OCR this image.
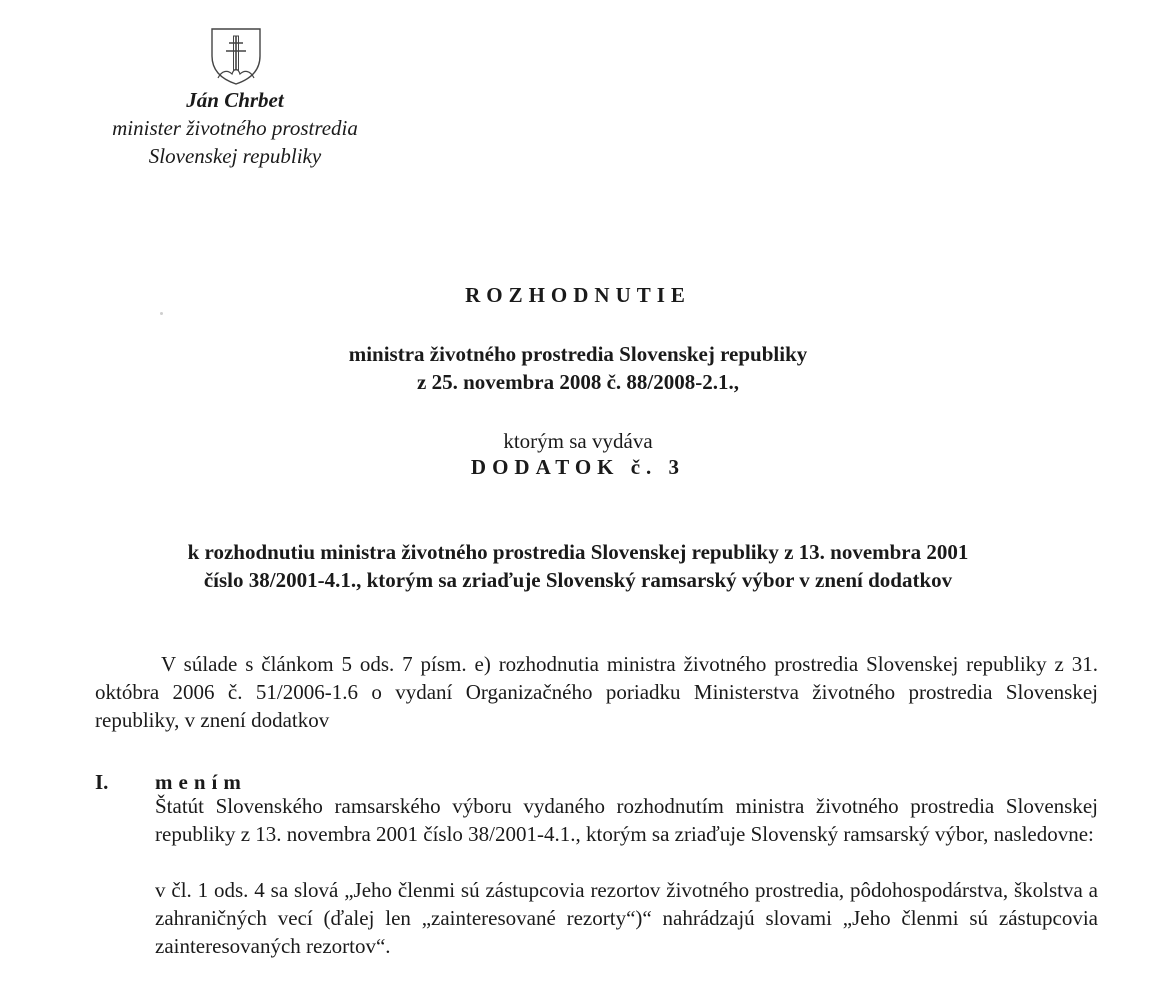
Ján Chrbet
minister životného prostredia
Slovenskej republiky
ROZHODNUTIE
ministra životného prostredia Slovenskej republiky
z 25. novembra 2008 č. 88/2008-2.1.,
ktorým sa vydáva
DODATOK č. 3
k rozhodnutiu ministra životného prostredia Slovenskej republiky z 13. novembra 2001
číslo 38/2001-4.1., ktorým sa zriaďuje Slovenský ramsarský výbor v znení dodatkov
V súlade s článkom 5 ods. 7 písm. e) rozhodnutia ministra životného prostredia Slovenskej republiky z 31. októbra 2006 č. 51/2006-1.6 o vydaní Organizačného poriadku Ministerstva životného prostredia Slovenskej republiky, v znení dodatkov
I. mením
Štatút Slovenského ramsarského výboru vydaného rozhodnutím ministra životného prostredia Slovenskej republiky z 13. novembra 2001 číslo 38/2001-4.1., ktorým sa zriaďuje Slovenský ramsarský výbor, nasledovne:
v čl. 1 ods. 4 sa slová „Jeho členmi sú zástupcovia rezortov životného prostredia, pôdohospodárstva, školstva a zahraničných vecí (ďalej len „zainteresované rezorty“)“ nahrádzajú slovami „Jeho členmi sú zástupcovia zainteresovaných rezortov“.
